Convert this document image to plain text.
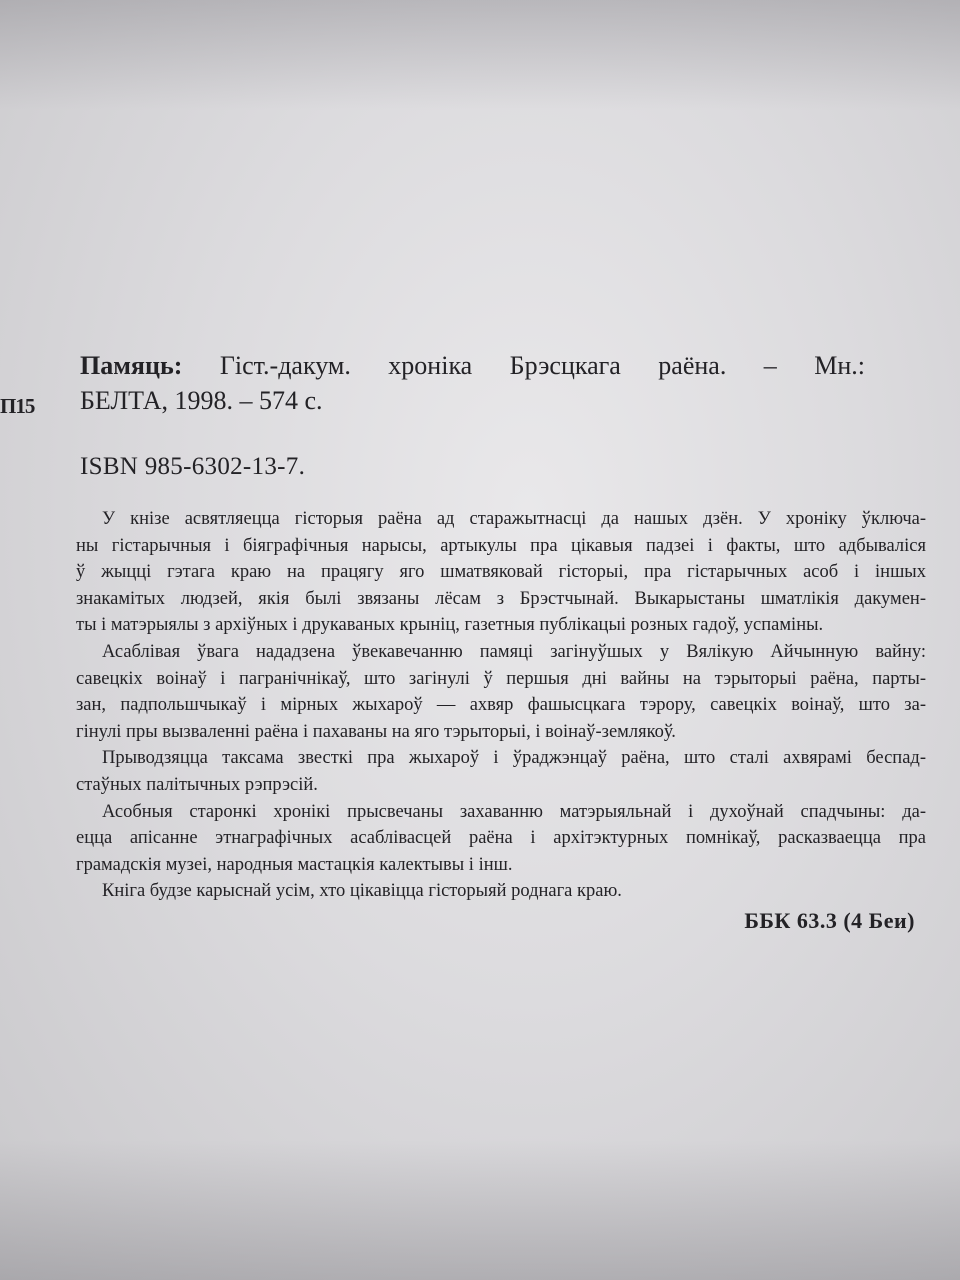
П15
Памяць: Гіст.-дакум. хроніка Брэсцкага раёна. – Мн.:
БЕЛТА, 1998. – 574 с.
ISBN 985-6302-13-7.
У кнізе асвятляецца гісторыя раёна ад старажытнасці да нашых дзён. У хроніку ўключа-
ны гістарычныя і біяграфічныя нарысы, артыкулы пра цікавыя падзеі і факты, што адбываліся
ў жыцці гэтага краю на працягу яго шматвяковай гісторыі, пра гістарычных асоб і іншых
знакамітых людзей, якія былі звязаны лёсам з Брэстчынай. Выкарыстаны шматлікія дакумен-
ты і матэрыялы з архіўных і друкаваных крыніц, газетныя публікацыі розных гадоў, успаміны.
Асаблівая ўвага нададзена ўвекавечанню памяці загінуўшых у Вялікую Айчынную вайну:
савецкіх воінаў і пагранічнікаў, што загінулі ў першыя дні вайны на тэрыторыі раёна, парты-
зан, падпольшчыкаў і мірных жыхароў — ахвяр фашысцкага тэрору, савецкіх воінаў, што за-
гінулі пры вызваленні раёна і пахаваны на яго тэрыторыі, і воінаў-землякоў.
Прыводзяцца таксама звесткі пра жыхароў і ўраджэнцаў раёна, што сталі ахвярамі беспад-
стаўных палітычных рэпрэсій.
Асобныя старонкі хронікі прысвечаны захаванню матэрыяльнай і духоўнай спадчыны: да-
ецца апісанне этнаграфічных асаблівасцей раёна і архітэктурных помнікаў, расказваецца пра
грамадскія музеі, народныя мастацкія калектывы і інш.
Кніга будзе карыснай усім, хто цікавіцца гісторыяй роднага краю.
ББК 63.3 (4 Беи)
